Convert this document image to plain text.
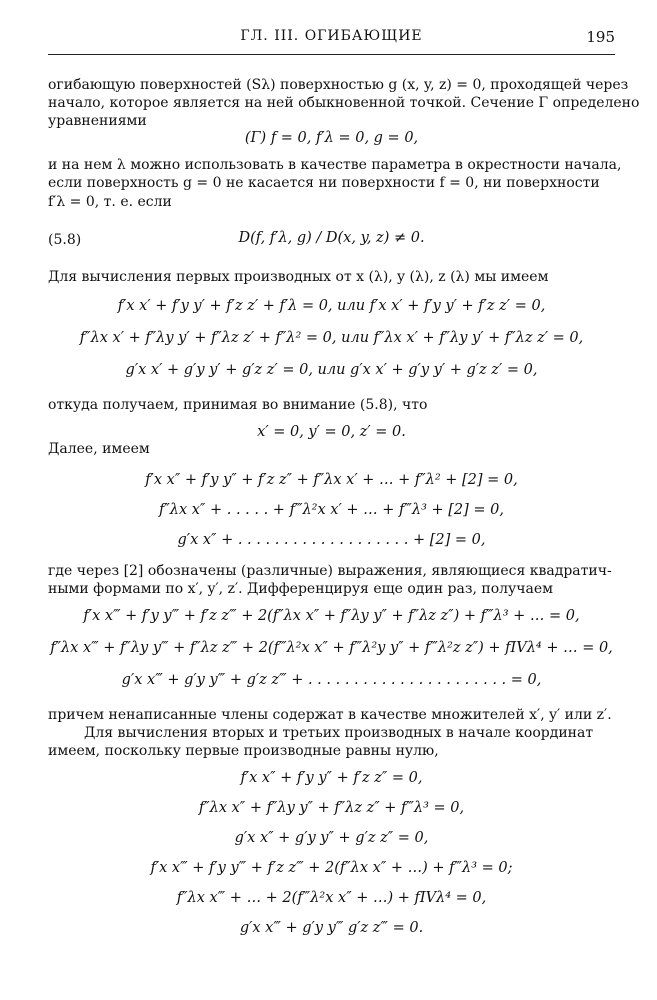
ГЛ. III. ОГИБАЮЩИЕ	195
огибающую поверхностей (Sλ) поверхностью g (x, y, z) = 0, проходящей через
начало, которое является на ней обыкновенной точкой. Сечение Γ определено
уравнениями
(Γ) f = 0, f′λ = 0, g = 0,
и на нем λ можно использовать в качестве параметра в окрестности начала,
если поверхность g = 0 не касается ни поверхности f = 0, ни поверхности
f′λ = 0, т. е. если
(5.8)	D(f, f′λ, g) / D(x, y, z) ≠ 0.
Для вычисления первых производных от x (λ), y (λ), z (λ) мы имеем
f′x x′ + f′y y′ + f′z z′ + f′λ = 0, или f′x x′ + f′y y′ + f′z z′ = 0,
f″λx x′ + f″λy y′ + f″λz z′ + f″λ² = 0, или f″λx x′ + f″λy y′ + f″λz z′ = 0,
g′x x′ + g′y y′ + g′z z′ = 0, или g′x x′ + g′y y′ + g′z z′ = 0,
откуда получаем, принимая во внимание (5.8), что
x′ = 0, y′ = 0, z′ = 0.
Далее, имеем
f′x x″ + f′y y″ + f′z z″ + f″λx x′ + … + f″λ² + [2] = 0,
f″λx x″ + . . . . . + f‴λ²x x′ + … + f‴λ³ + [2] = 0,
g′x x″ + . . . . . . . . . . . . . . . . . . . + [2] = 0,
где через [2] обозначены (различные) выражения, являющиеся квадратич-
ными формами по x′, y′, z′. Дифференцируя еще один раз, получаем
f′x x‴ + f′y y‴ + f′z z‴ + 2(f″λx x″ + f″λy y″ + f″λz z″) + f‴λ³ + … = 0,
f″λx x‴ + f″λy y‴ + f″λz z‴ + 2(f‴λ²x x″ + f‴λ²y y″ + f‴λ²z z″) + fIVλ⁴ + … = 0,
g′x x‴ + g′y y‴ + g′z z‴ + . . . . . . . . . . . . . . . . . . . . . . = 0,
причем ненаписанные члены содержат в качестве множителей x′, y′ или z′.
Для вычисления вторых и третьих производных в начале координат
имеем, поскольку первые производные равны нулю,
f′x x″ + f′y y″ + f′z z″ = 0,
f″λx x″ + f″λy y″ + f″λz z″ + f‴λ³ = 0,
g′x x″ + g′y y″ + g′z z″ = 0,
f′x x‴ + f′y y‴ + f′z z‴ + 2(f″λx x″ + …) + f‴λ³ = 0;
f″λx x‴ + … + 2(f‴λ²x x″ + …) + fIVλ⁴ = 0,
g′x x‴ + g′y y‴ g′z z‴ = 0.
